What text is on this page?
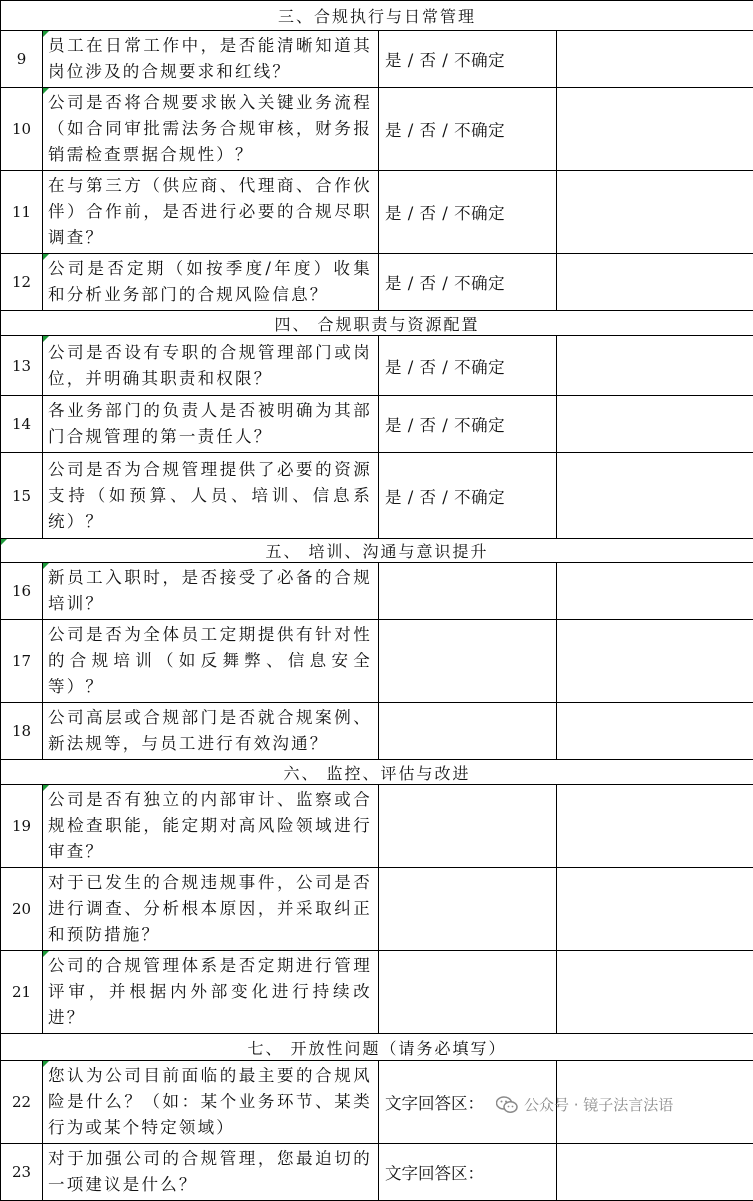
三、合规执行与日常管理			
9	员工在日常工作中，是否能清晰知道其岗位涉及的合规要求和红线？	是 / 否 / 不确定	
10	公司是否将合规要求嵌入关键业务流程（如合同审批需法务合规审核，财务报销需检查票据合规性）？	是 / 否 / 不确定	
11	在与第三方（供应商、代理商、合作伙伴）合作前，是否进行必要的合规尽职调查？	是 / 否 / 不确定	
12	公司是否定期（如按季度/年度）收集和分析业务部门的合规风险信息？	是 / 否 / 不确定	
四、 合规职责与资源配置			
13	公司是否设有专职的合规管理部门或岗位，并明确其职责和权限？	是 / 否 / 不确定	
14	各业务部门的负责人是否被明确为其部门合规管理的第一责任人？	是 / 否 / 不确定	
15	公司是否为合规管理提供了必要的资源支持（如预算、人员、培训、信息系统）？	是 / 否 / 不确定	

五、 培训、沟通与意识提升			
16	新员工入职时，是否接受了必备的合规培训？		
17	公司是否为全体员工定期提供有针对性的合规培训（如反舞弊、信息安全等）？		
18	公司高层或合规部门是否就合规案例、新法规等，与员工进行有效沟通？		
六、 监控、评估与改进			
19	公司是否有独立的内部审计、监察或合规检查职能，能定期对高风险领域进行审查？		
20	对于已发生的合规违规事件，公司是否进行调查、分析根本原因，并采取纠正和预防措施？		
21	公司的合规管理体系是否定期进行管理评审，并根据内外部变化进行持续改进？		
七、 开放性问题（请务必填写）			
22	您认为公司目前面临的最主要的合规风险是什么？（如：某个业务环节、某类行为或某个特定领域）	文字回答区：	
23	对于加强公司的合规管理，您最迫切的一项建议是什么？	文字回答区：	
公众号 · 镜子法言法语
